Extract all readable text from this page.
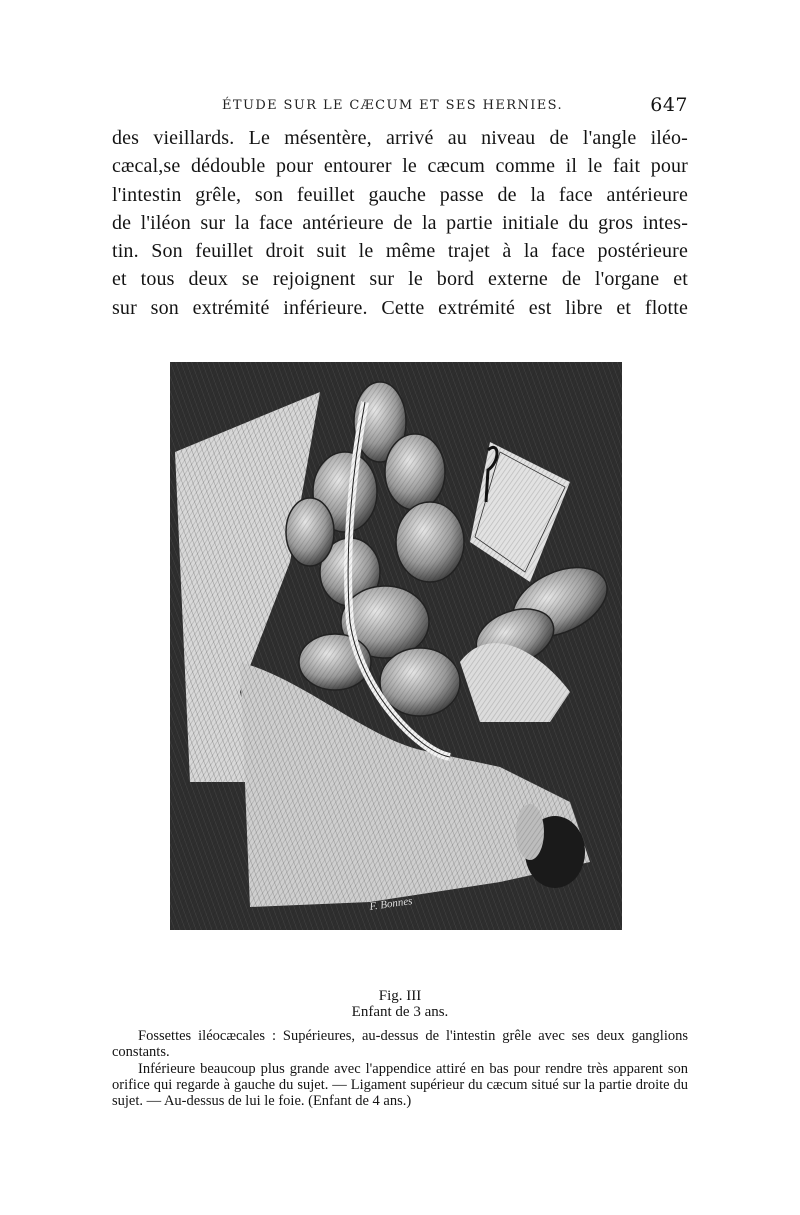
ÉTUDE SUR LE CÆCUM ET SES HERNIES.	647
des vieillards. Le mésentère, arrivé au niveau de l'angle iléo-
cæcal,se dédouble pour entourer le cæcum comme il le fait pour
l'intestin grêle, son feuillet gauche passe de la face antérieure
de l'iléon sur la face antérieure de la partie initiale du gros intes-
tin. Son feuillet droit suit le même trajet à la face postérieure
et tous deux se rejoignent sur le bord externe de l'organe et
sur son extrémité inférieure. Cette extrémité est libre et flotte
F. Bonnes
Fig. III
Enfant de 3 ans.

Fossettes iléocæcales : Supérieures, au-dessus de l'intestin grêle avec ses deux ganglions constants.

Inférieure beaucoup plus grande avec l'appendice attiré en bas pour rendre très apparent son orifice qui regarde à gauche du sujet. — Ligament supérieur du cæcum situé sur la partie droite du sujet. — Au-dessus de lui le foie. (Enfant de 4 ans.)
